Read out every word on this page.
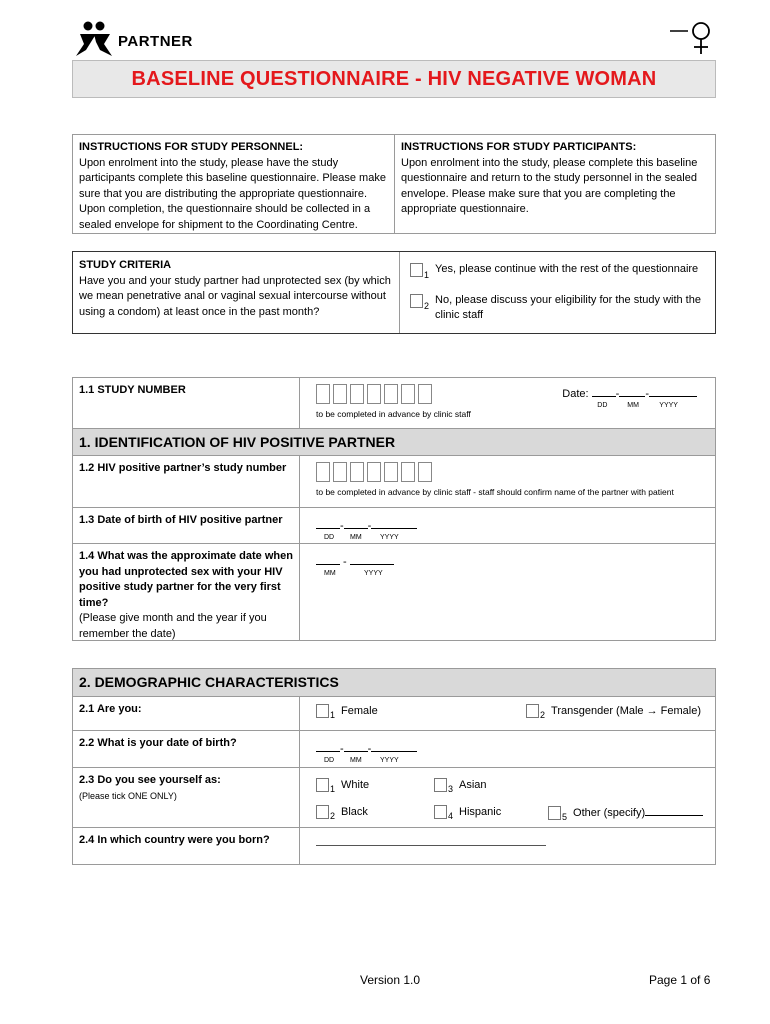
PARTNER
BASELINE QUESTIONNAIRE - HIV NEGATIVE WOMAN
INSTRUCTIONS FOR STUDY PERSONNEL:
Upon enrolment into the study, please have the study participants complete this baseline questionnaire. Please make sure that you are distributing the appropriate questionnaire. Upon completion, the questionnaire should be collected in a sealed envelope for shipment to the Coordinating Centre.
INSTRUCTIONS FOR STUDY PARTICIPANTS:
Upon enrolment into the study, please complete this baseline questionnaire and return to the study personnel in the sealed envelope. Please make sure that you are completing the appropriate questionnaire.
STUDY CRITERIA
Have you and your study partner had unprotected sex (by which we mean penetrative anal or vaginal sexual intercourse without using a condom) at least once in the past month?
1 Yes, please continue with the rest of the questionnaire
2 No, please discuss your eligibility for the study with the clinic staff
1.1 STUDY NUMBER
to be completed in advance by clinic staff
Date: - -
DD	MM	YYYY
1. IDENTIFICATION OF HIV POSITIVE PARTNER
1.2 HIV positive partner’s study number
to be completed in advance by clinic staff - staff should confirm name of the partner with patient
1.3 Date of birth of HIV positive partner	- -
DD	MM	YYYY
1.4 What was the approximate date when you had unprotected sex with your HIV positive study partner for the very first time?
(Please give month and the year if you remember the date)
-
MM	YYYY
2. DEMOGRAPHIC CHARACTERISTICS
2.1 Are you:	$_1$ Female	$_2$ Transgender (Male → Female)
2.2 What is your date of birth?	- -
DD	MM	YYYY
2.3 Do you see yourself as:
(Please tick ONE ONLY)
$_1$ White	$_3$ Asian
$_2$ Black	$_4$ Hispanic	$_5$ Other (specify)
2.4 In which country were you born?
Version 1.0	Page 1 of 6
